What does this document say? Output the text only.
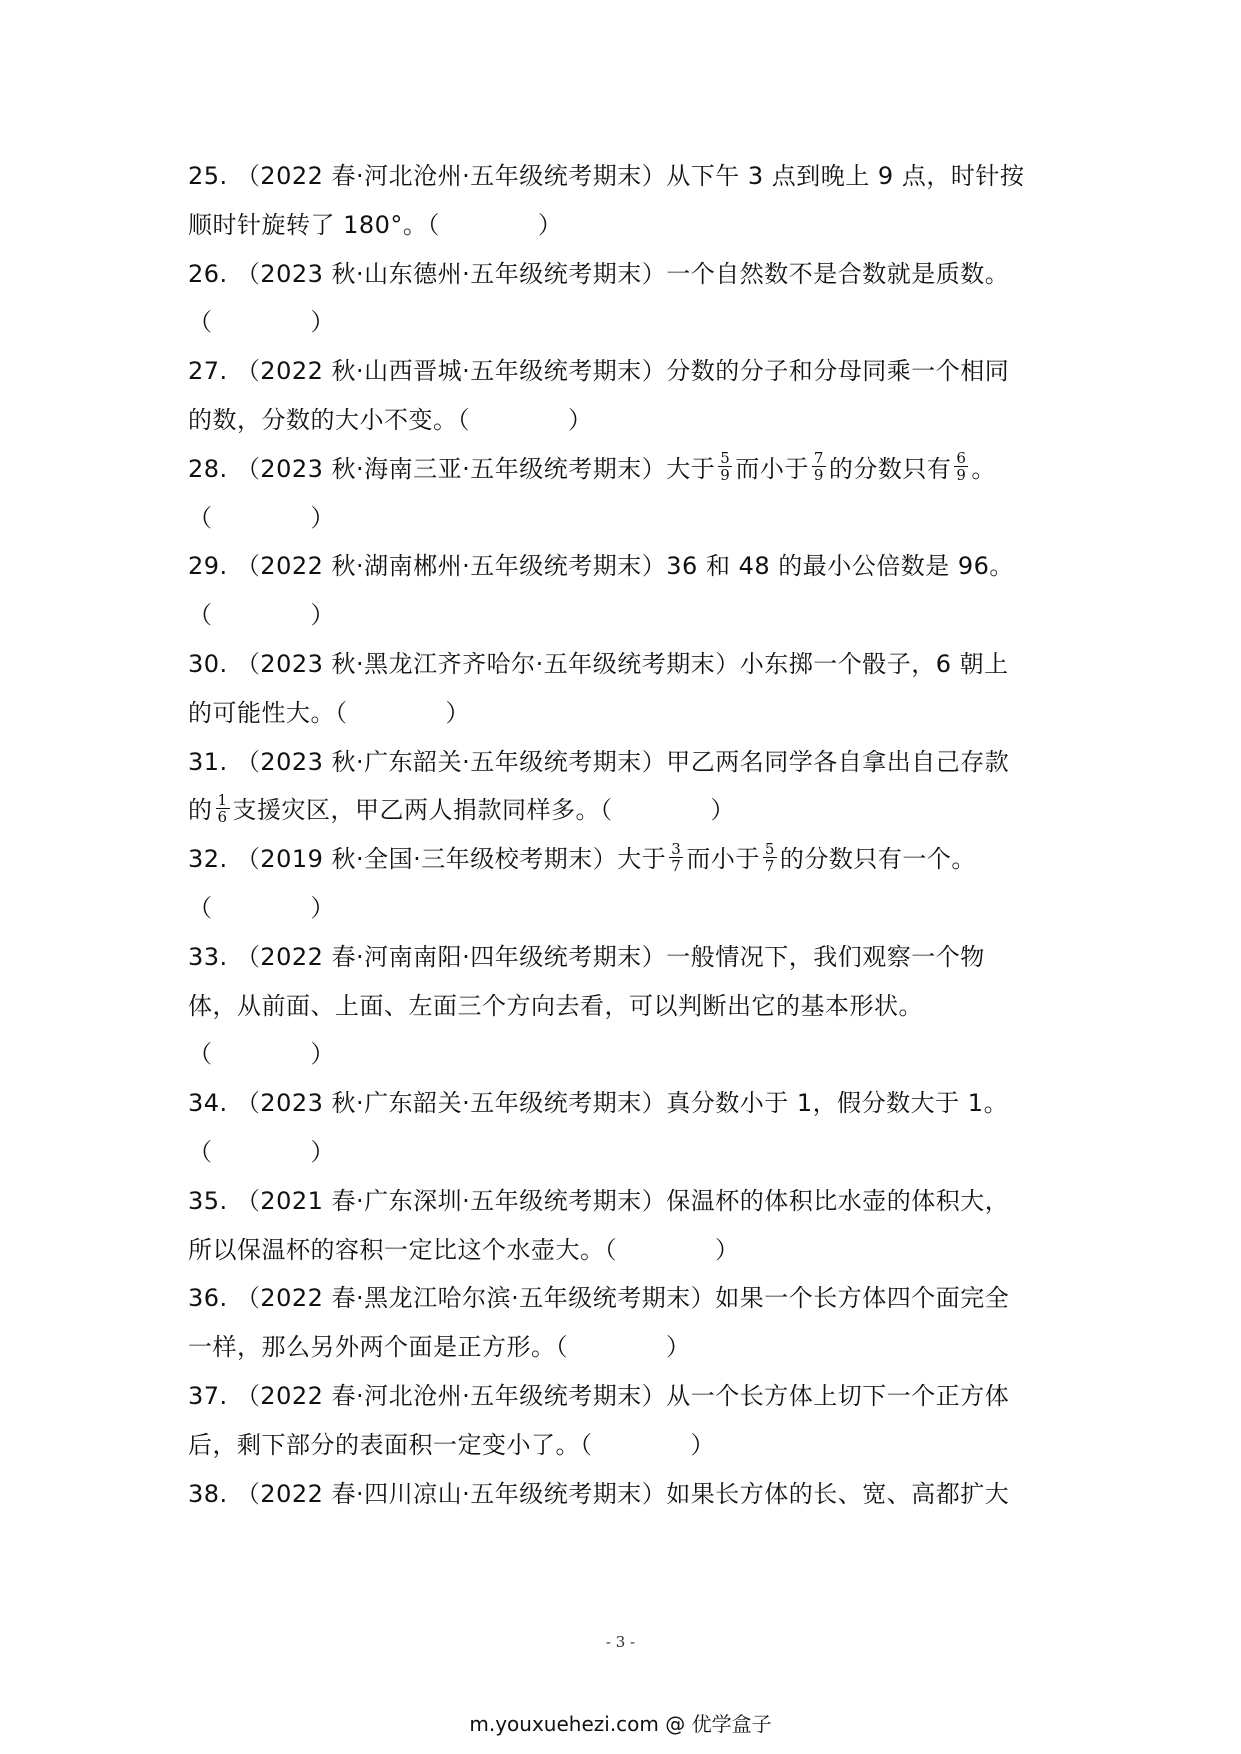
25. （2022 春·河北沧州·五年级统考期末）从下午 3 点到晚上 9 点，时针按
顺时针旋转了 180°。（　　　　）
26. （2023 秋·山东德州·五年级统考期末）一个自然数不是合数就是质数。
（　　　　）
27. （2022 秋·山西晋城·五年级统考期末）分数的分子和分母同乘一个相同
的数，分数的大小不变。（　　　　）
28. （2023 秋·海南三亚·五年级统考期末）大于 $\frac{5}{9}$ 而小于 $\frac{7}{9}$ 的分数只有 $\frac{6}{9}$ 。
（　　　　）
29. （2022 秋·湖南郴州·五年级统考期末）36 和 48 的最小公倍数是 96。
（　　　　）
30. （2023 秋·黑龙江齐齐哈尔·五年级统考期末）小东掷一个骰子，6 朝上
的可能性大。（　　　　）
31. （2023 秋·广东韶关·五年级统考期末）甲乙两名同学各自拿出自己存款
的 $\frac{1}{6}$ 支援灾区，甲乙两人捐款同样多。（　　　　）
32. （2019 秋·全国·三年级校考期末）大于 $\frac{3}{7}$ 而小于 $\frac{5}{7}$ 的分数只有一个。
（　　　　）
33. （2022 春·河南南阳·四年级统考期末）一般情况下，我们观察一个物
体，从前面、上面、左面三个方向去看，可以判断出它的基本形状。
（　　　　）
34. （2023 秋·广东韶关·五年级统考期末）真分数小于 1，假分数大于 1。
（　　　　）
35. （2021 春·广东深圳·五年级统考期末）保温杯的体积比水壶的体积大，
所以保温杯的容积一定比这个水壶大。（　　　　）
36. （2022 春·黑龙江哈尔滨·五年级统考期末）如果一个长方体四个面完全
一样，那么另外两个面是正方形。（　　　　）
37. （2022 春·河北沧州·五年级统考期末）从一个长方体上切下一个正方体
后，剩下部分的表面积一定变小了。（　　　　）
38. （2022 春·四川凉山·五年级统考期末）如果长方体的长、宽、高都扩大
- 3 -
m.youxuehezi.com @ 优学盒子
